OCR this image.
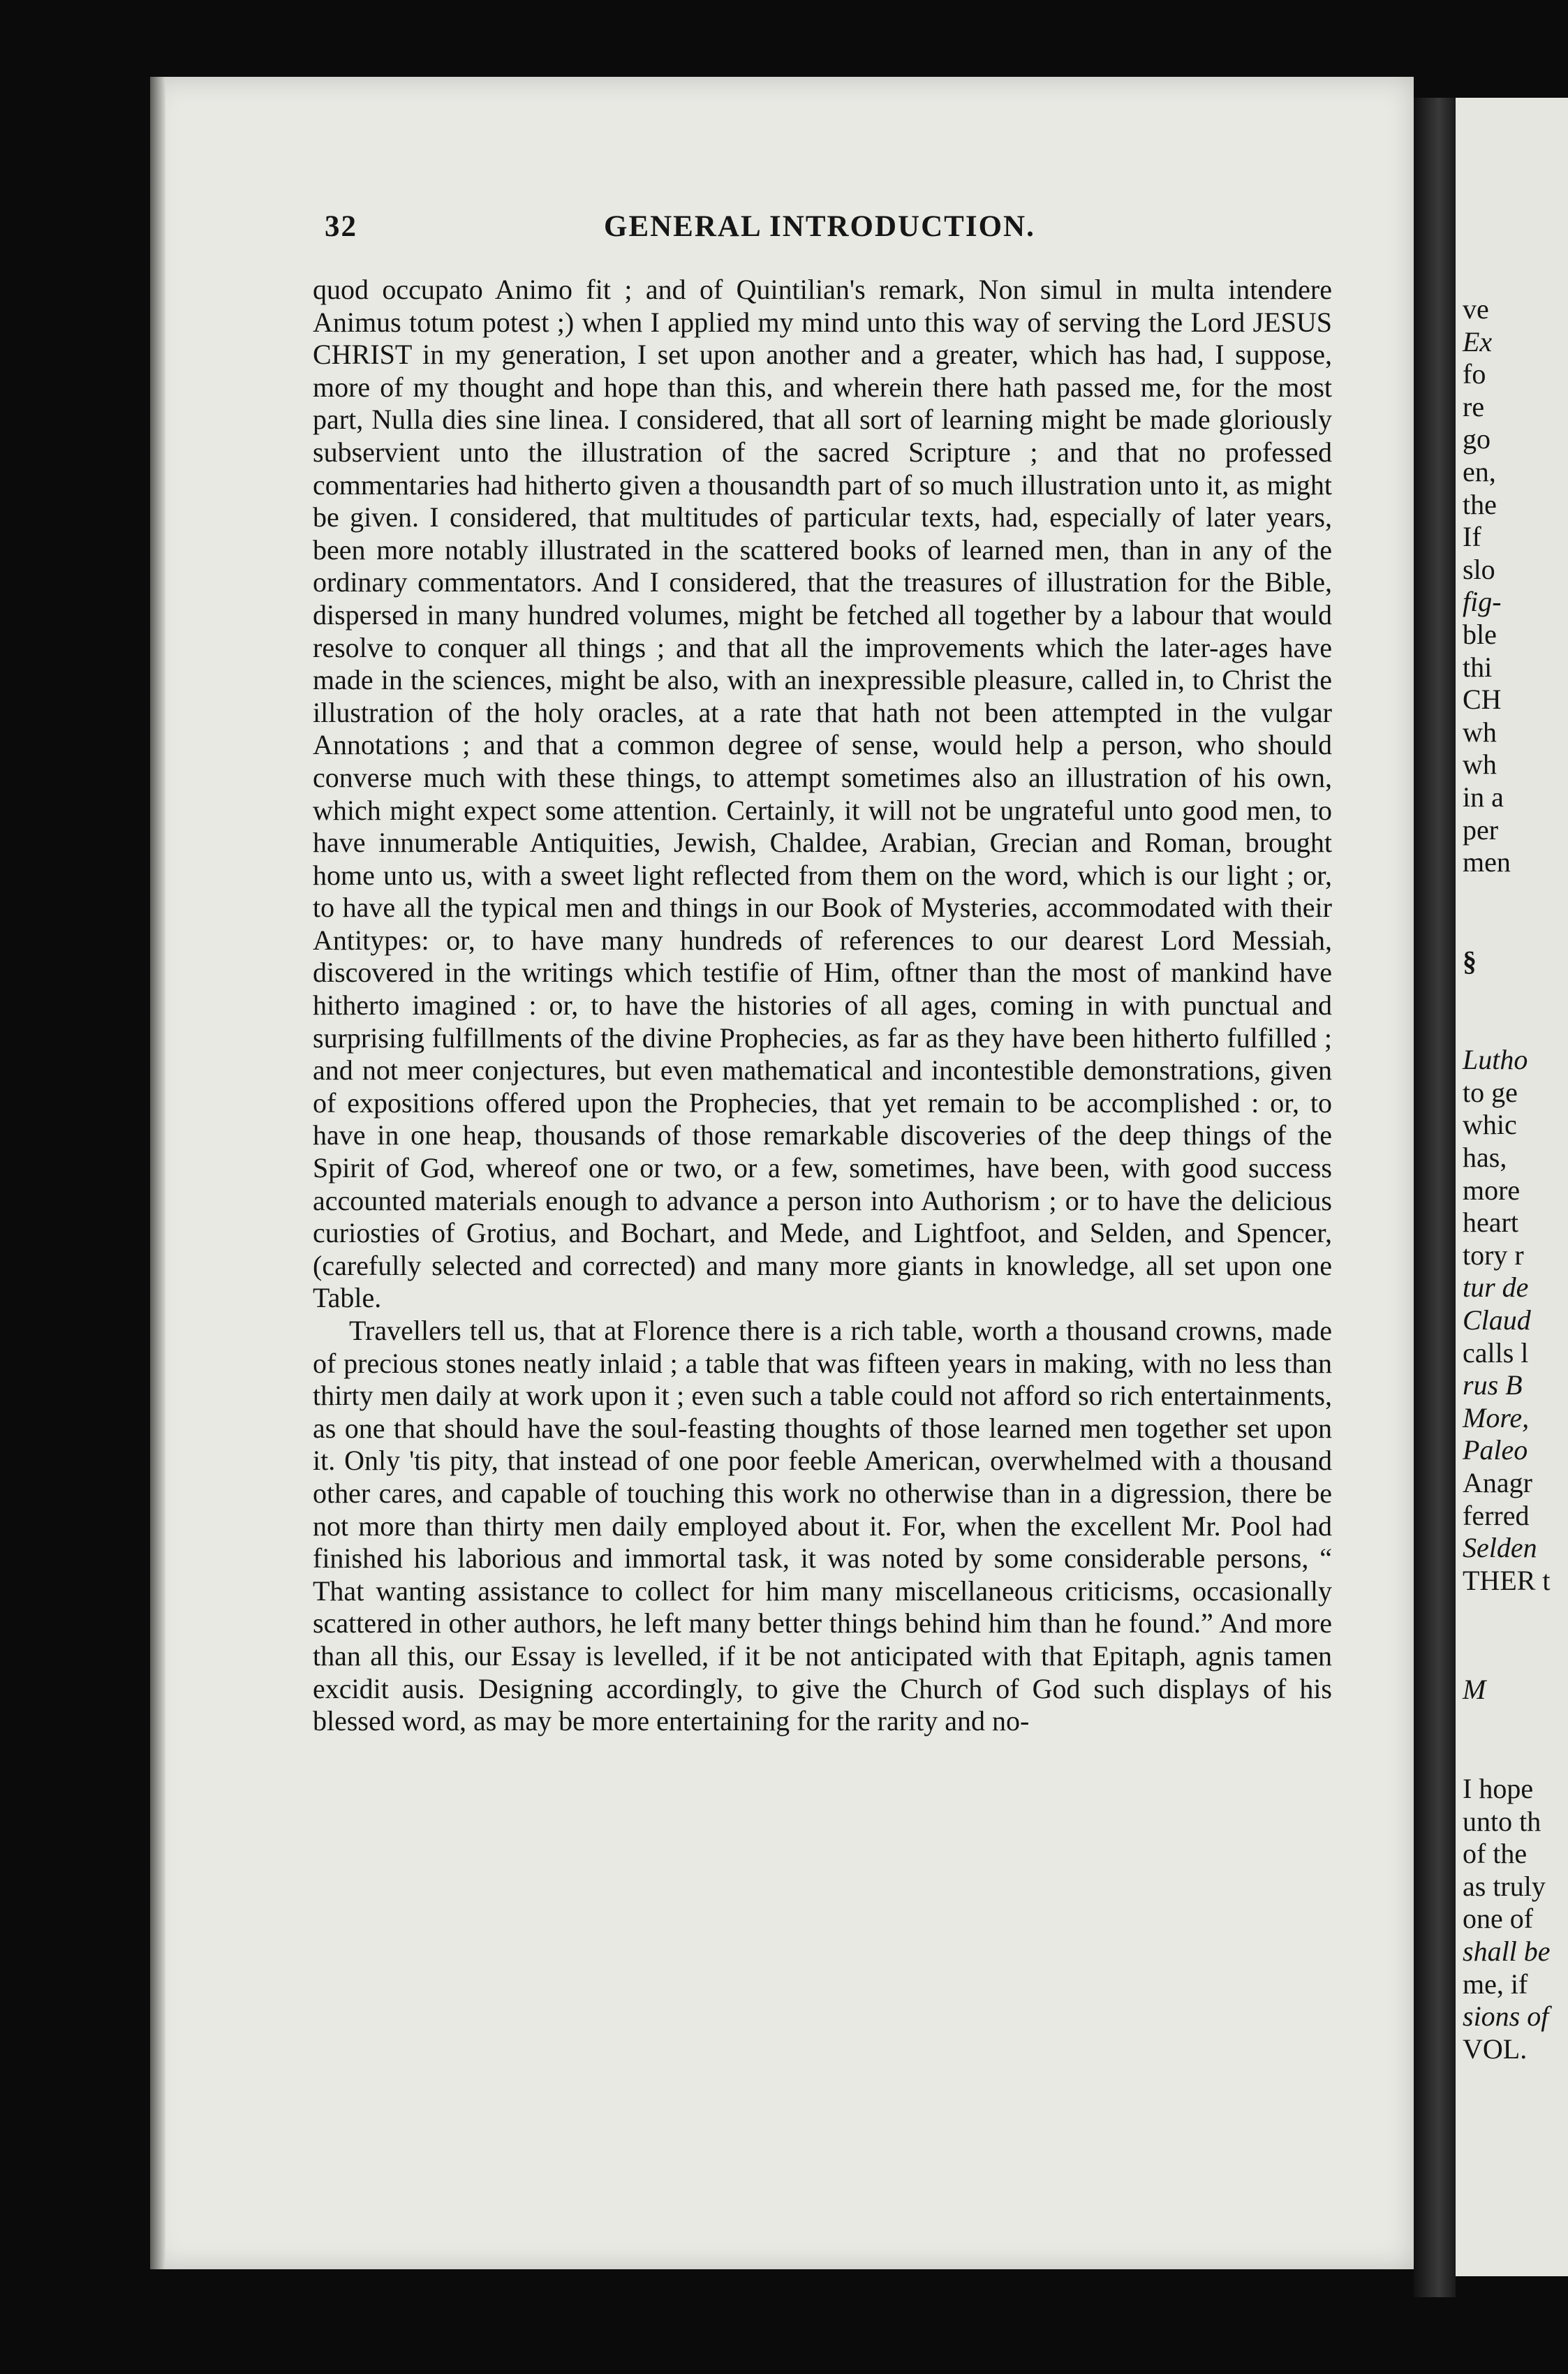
ve
Ex
fo
re
go
en,
the
If
slo
fig-
ble
thi
CH
wh
wh
in a
per
men
§
Lutho
to ge
whic
has,
more
heart
tory r
tur de
Claud
calls l
rus B
More,
Paleo
Anagr
ferred
Selden
THER t
M
I hope
unto th
of the
as truly
one of
shall be
me, if
sions of
VOL.
32	GENERAL INTRODUCTION.

quod occupato Animo fit ; and of Quintilian's remark, Non simul in multa intendere Animus totum potest ;) when I applied my mind unto this way of serving the Lord JESUS CHRIST in my generation, I set upon another and a greater, which has had, I suppose, more of my thought and hope than this, and wherein there hath passed me, for the most part, Nulla dies sine linea. I considered, that all sort of learning might be made gloriously subservient unto the illustration of the sacred Scripture ; and that no professed commentaries had hitherto given a thousandth part of so much illustration unto it, as might be given. I considered, that multitudes of particular texts, had, especially of later years, been more notably illustrated in the scattered books of learned men, than in any of the ordinary commentators. And I considered, that the treasures of illustration for the Bible, dispersed in many hundred volumes, might be fetched all together by a labour that would resolve to conquer all things ; and that all the improvements which the later-ages have made in the sciences, might be also, with an inexpressible pleasure, called in, to Christ the illustration of the holy oracles, at a rate that hath not been attempted in the vulgar Annotations ; and that a common degree of sense, would help a person, who should converse much with these things, to attempt sometimes also an illustration of his own, which might expect some attention. Certainly, it will not be ungrateful unto good men, to have innumerable Antiquities, Jewish, Chaldee, Arabian, Grecian and Roman, brought home unto us, with a sweet light reflected from them on the word, which is our light ; or, to have all the typical men and things in our Book of Mysteries, accommodated with their Antitypes: or, to have many hundreds of references to our dearest Lord Messiah, discovered in the writings which testifie of Him, oftner than the most of mankind have hitherto imagined : or, to have the histories of all ages, coming in with punctual and surprising fulfillments of the divine Prophecies, as far as they have been hitherto fulfilled ; and not meer conjectures, but even mathematical and incontestible demonstrations, given of expositions offered upon the Prophecies, that yet remain to be accomplished : or, to have in one heap, thousands of those remarkable discoveries of the deep things of the Spirit of God, whereof one or two, or a few, sometimes, have been, with good success accounted materials enough to advance a person into Authorism ; or to have the delicious curiosties of Grotius, and Bochart, and Mede, and Lightfoot, and Selden, and Spencer, (carefully selected and corrected) and many more giants in knowledge, all set upon one Table.

Travellers tell us, that at Florence there is a rich table, worth a thousand crowns, made of precious stones neatly inlaid ; a table that was fifteen years in making, with no less than thirty men daily at work upon it ; even such a table could not afford so rich entertainments, as one that should have the soul-feasting thoughts of those learned men together set upon it. Only 'tis pity, that instead of one poor feeble American, overwhelmed with a thousand other cares, and capable of touching this work no otherwise than in a digression, there be not more than thirty men daily employed about it. For, when the excellent Mr. Pool had finished his laborious and immortal task, it was noted by some considerable persons, “ That wanting assistance to collect for him many miscellaneous criticisms, occasionally scattered in other authors, he left many better things behind him than he found.” And more than all this, our Essay is levelled, if it be not anticipated with that Epitaph, agnis tamen excidit ausis. Designing accordingly, to give the Church of God such displays of his blessed word, as may be more entertaining for the rarity and no-
